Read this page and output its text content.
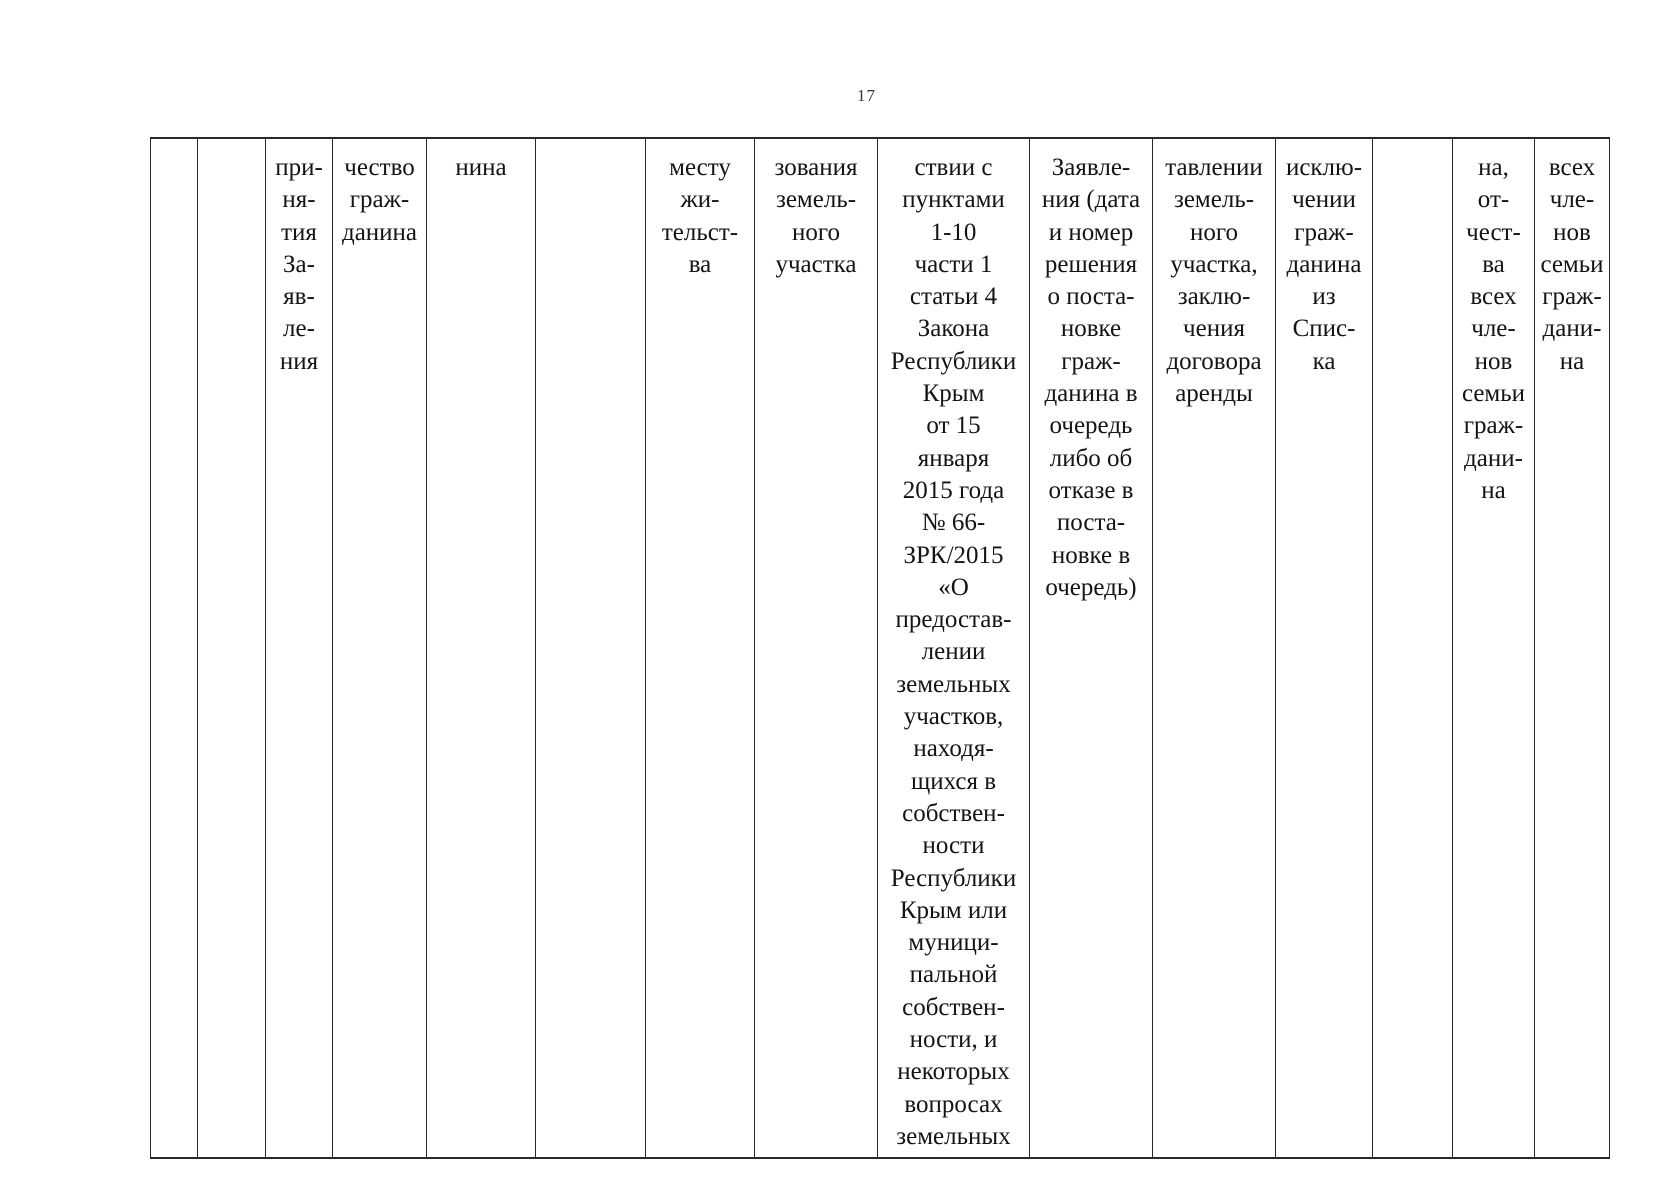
17
		при-
ня-
тия
За-
яв-
ле-
ния	чество
граж-
данина	нина		месту
жи-
тельст-
ва	зования
земель-
ного
участка	ствии с
пунктами
1-10
части 1
статьи 4
Закона
Республики
Крым
от 15
января
2015 года
№ 66-
ЗРК/2015
«О
предостав-
лении
земельных
участков,
находя-
щихся в
собствен-
ности
Республики
Крым или
муници-
пальной
собствен-
ности, и
некоторых
вопросах
земельных	Заявле-
ния (дата
и номер
решения
о поста-
новке
граж-
данина в
очередь
либо об
отказе в
поста-
новке в
очередь)	тавлении
земель-
ного
участка,
заклю-
чения
договора
аренды	исклю-
чении
граж-
данина
из
Спис-
ка		на,
от-
чест-
ва
всех
чле-
нов
семьи
граж-
дани-
на	всех
чле-
нов
семьи
граж-
дани-
на
